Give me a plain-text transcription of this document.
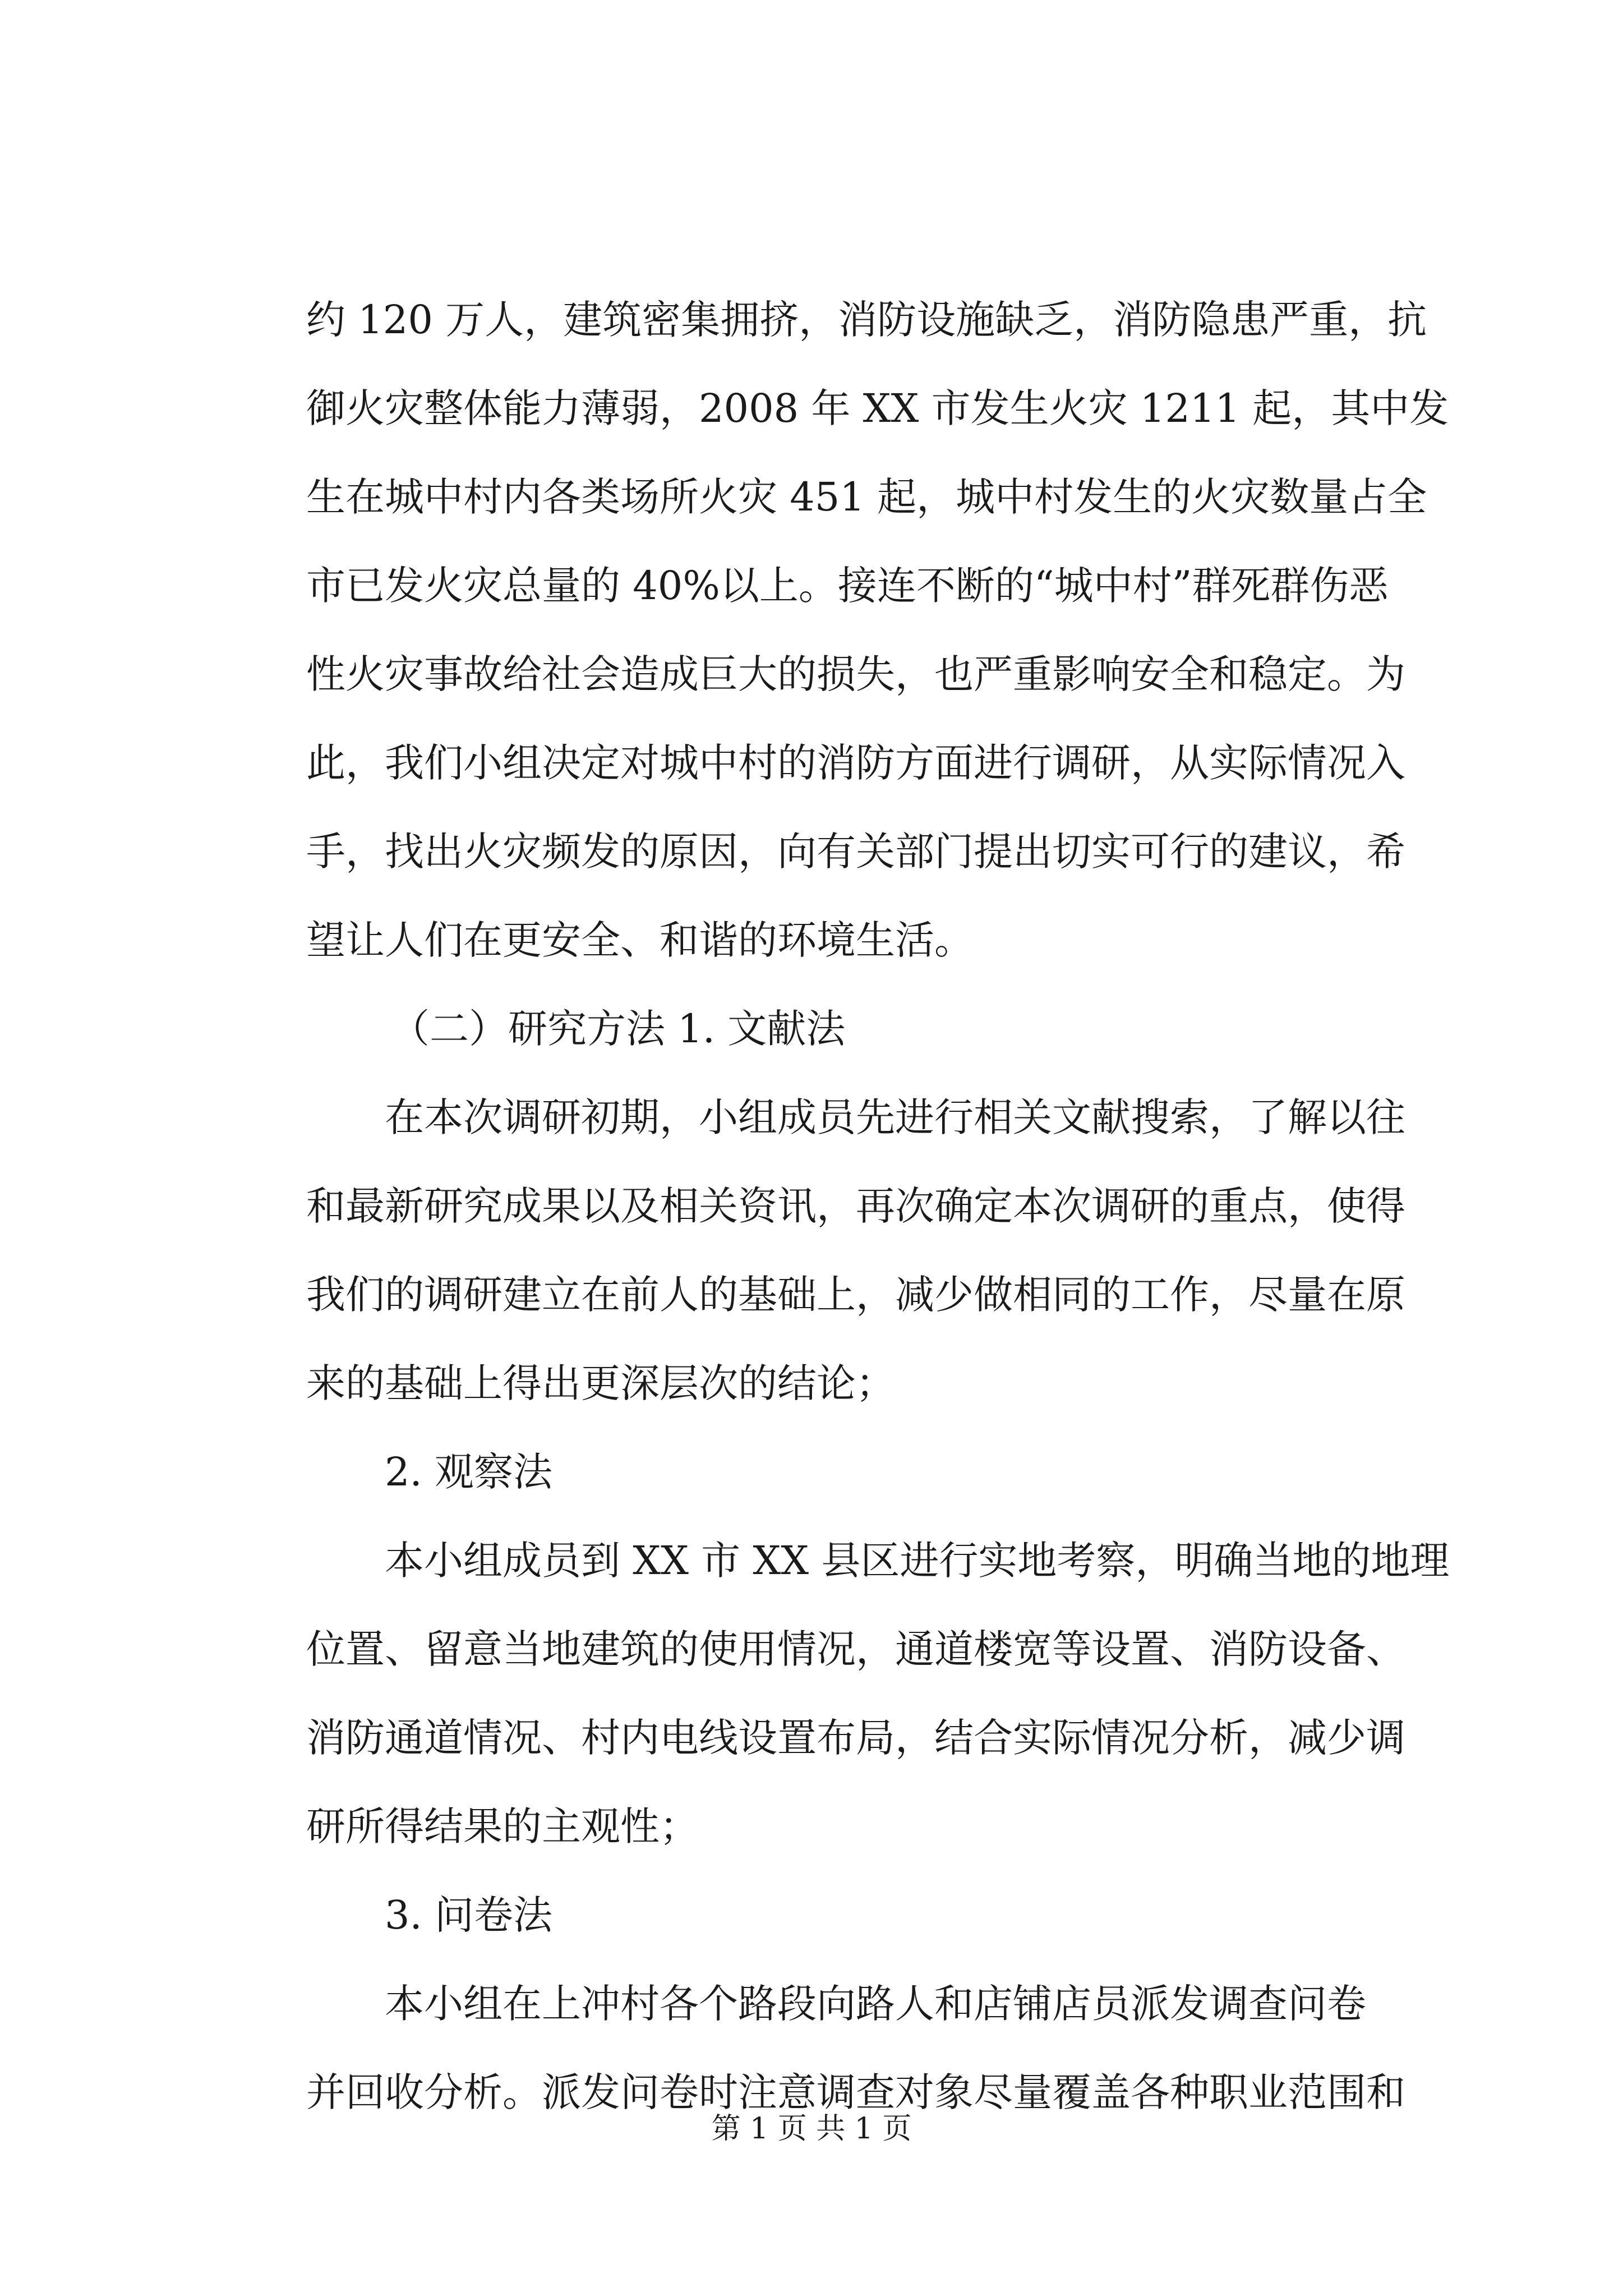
约 120 万人，建筑密集拥挤，消防设施缺乏，消防隐患严重，抗
御火灾整体能力薄弱，2008 年 XX 市发生火灾 1211 起，其中发
生在城中村内各类场所火灾 451 起，城中村发生的火灾数量占全
市已发火灾总量的 40%以上。接连不断的“城中村”群死群伤恶
性火灾事故给社会造成巨大的损失，也严重影响安全和稳定。为
此，我们小组决定对城中村的消防方面进行调研，从实际情况入
手，找出火灾频发的原因，向有关部门提出切实可行的建议，希
望让人们在更安全、和谐的环境生活。
（二）研究方法 1. 文献法
在本次调研初期，小组成员先进行相关文献搜索，了解以往
和最新研究成果以及相关资讯，再次确定本次调研的重点，使得
我们的调研建立在前人的基础上，减少做相同的工作，尽量在原
来的基础上得出更深层次的结论；
2. 观察法
本小组成员到 XX 市 XX 县区进行实地考察，明确当地的地理
位置、留意当地建筑的使用情况，通道楼宽等设置、消防设备、
消防通道情况、村内电线设置布局，结合实际情况分析，减少调
研所得结果的主观性；
3. 问卷法
本小组在上冲村各个路段向路人和店铺店员派发调查问卷
并回收分析。派发问卷时注意调查对象尽量覆盖各种职业范围和
第 1 页 共 1 页
